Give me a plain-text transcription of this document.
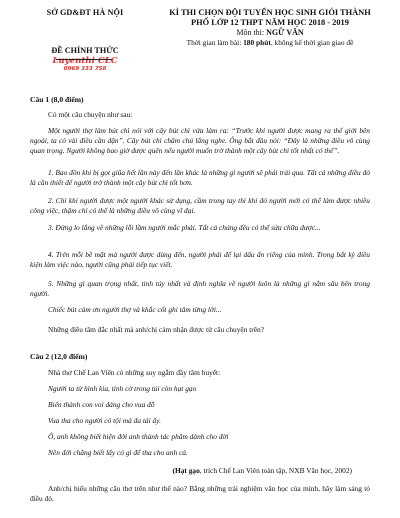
SỞ GD&ĐT HÀ NỘI
ĐỀ CHÍNH THỨC
Luyenthi CLC
0969 333 758
KÌ THI CHỌN ĐỘI TUYỂN HỌC SINH GIỎI THÀNH
PHỐ LỚP 12 THPT NĂM HỌC 2018 - 2019
Môn thi: NGỮ VĂN
Thời gian làm bài: 180 phút, không kể thời gian giao đề
Câu 1 (8,0 điểm)
Có một câu chuyện như sau:
Một người thợ làm bút chì nói với cây bút chì vừa làm ra: “Trước khi người được mang ra thế giới bên ngoài, ta có vài điều cần dặn”. Cây bút chì chăm chú lắng nghe. Ông bắt đầu nói: “Đây là những điều vô cùng quan trọng. Người không bao giờ được quên nếu người muốn trở thành một cây bút chì tốt nhất có thể”.
1. Bao đồn khi bị gọt giũa hết lần này đến lần khác là những gì người sẽ phải trải qua. Tất cả những điều đó là cần thiết để người trở thành một cây bút chì tốt hơn.
2. Chỉ khi người được một người khác sử dụng, cầm trong tay thì khi đó người mới có thể làm được nhiều công việc, thậm chí có thể là những điều vô cùng vĩ đại.
3. Đừng lo lắng về những lỗi lầm người mắc phải. Tất cả chúng đều có thể sửa chữa được...
4. Trên mỗi bề mặt mà người được dùng đến, người phải để lại dấu ấn riêng của mình. Trong bất kỳ điều kiện làm việc nào, người cũng phải tiếp tục viết.
5. Những gì quan trọng nhất, tinh túy nhất và định nghĩa về người luôn là những gì nằm sâu bên trong người.
Chiếc bút cảm ơn người thợ và khắc cốt ghi tâm từng lời...
Những điều tâm đắc nhất mà anh/chị cảm nhận được từ câu chuyện trên?
Câu 2 (12,0 điểm)
Nhà thơ Chế Lan Viên có những suy ngẫm đầy tâm huyết:
Người ta từ hình kia, tính cờ trong túi còn hạt gạo
Biến thành con voi dáng cho vua đỗ
Vua tha cho người có tội mà đa tài ấy.
Ô, anh không biết hiện đời anh thành tác phẩm dành cho đời
Nên đời chẳng biết lấy có gì để tha cho anh cả.
(Hạt gạo, trích Chế Lan Viên toàn tập, NXB Văn học, 2002)
Anh/chị hiểu những câu thơ trên như thế nào? Bằng những trải nghiệm văn học của mình, hãy làm sáng tỏ điều đó.
